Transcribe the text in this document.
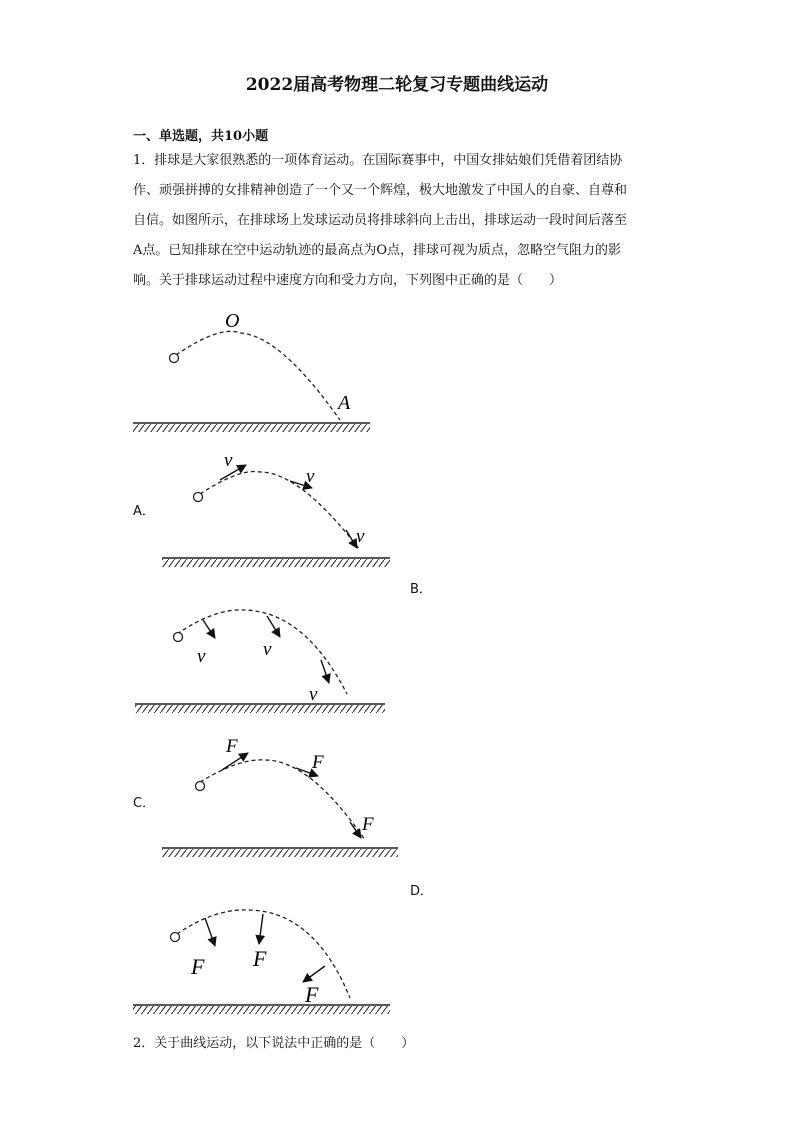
2022届高考物理二轮复习专题曲线运动
一、单选题，共10小题
1．排球是大家很熟悉的一项体育运动。在国际赛事中，中国女排姑娘们凭借着团结协
作、顽强拼搏的女排精神创造了一个又一个辉煌，极大地激发了中国人的自豪、自尊和
自信。如图所示，在排球场上发球运动员将排球斜向上击出，排球运动一段时间后落至
A点。已知排球在空中运动轨迹的最高点为O点，排球可视为质点，忽略空气阻力的影
响。关于排球运动过程中速度方向和受力方向，下列图中正确的是（　　）
O
A
A．
v
v
v
B．
v	v
v
C．
F
F
F
D．
F F
F
2．关于曲线运动，以下说法中正确的是（　　）
